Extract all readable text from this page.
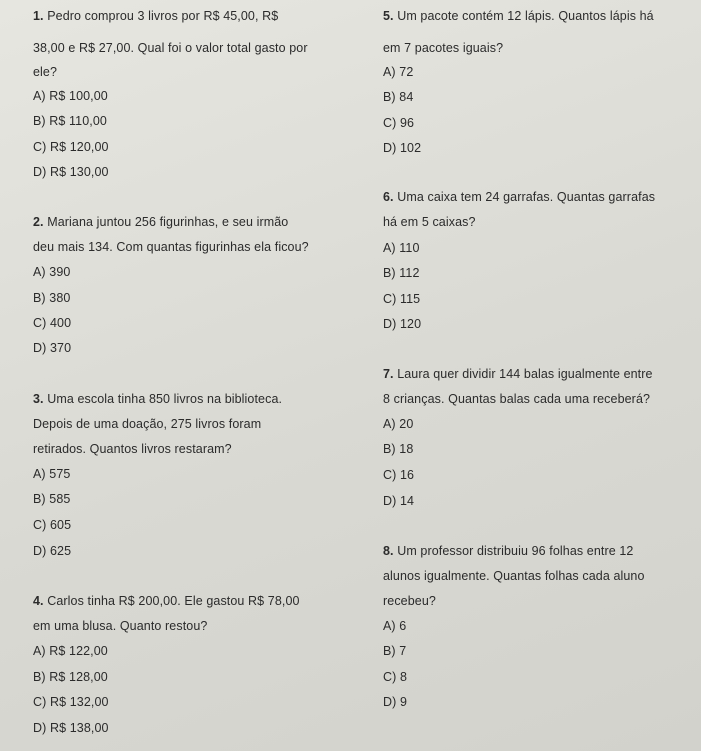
1. Pedro comprou 3 livros por R$ 45,00, R$
38,00 e R$ 27,00. Qual foi o valor total gasto por
ele?
A) R$ 100,00
B) R$ 110,00
C) R$ 120,00
D) R$ 130,00
2. Mariana juntou 256 figurinhas, e seu irmão
deu mais 134. Com quantas figurinhas ela ficou?
A) 390
B) 380
C) 400
D) 370
3. Uma escola tinha 850 livros na biblioteca.
Depois de uma doação, 275 livros foram
retirados. Quantos livros restaram?
A) 575
B) 585
C) 605
D) 625
4. Carlos tinha R$ 200,00. Ele gastou R$ 78,00
em uma blusa. Quanto restou?
A) R$ 122,00
B) R$ 128,00
C) R$ 132,00
D) R$ 138,00
5. Um pacote contém 12 lápis. Quantos lápis há
em 7 pacotes iguais?
A) 72
B) 84
C) 96
D) 102
6. Uma caixa tem 24 garrafas. Quantas garrafas
há em 5 caixas?
A) 110
B) 112
C) 115
D) 120
7. Laura quer dividir 144 balas igualmente entre
8 crianças. Quantas balas cada uma receberá?
A) 20
B) 18
C) 16
D) 14
8. Um professor distribuiu 96 folhas entre 12
alunos igualmente. Quantas folhas cada aluno
recebeu?
A) 6
B) 7
C) 8
D) 9
